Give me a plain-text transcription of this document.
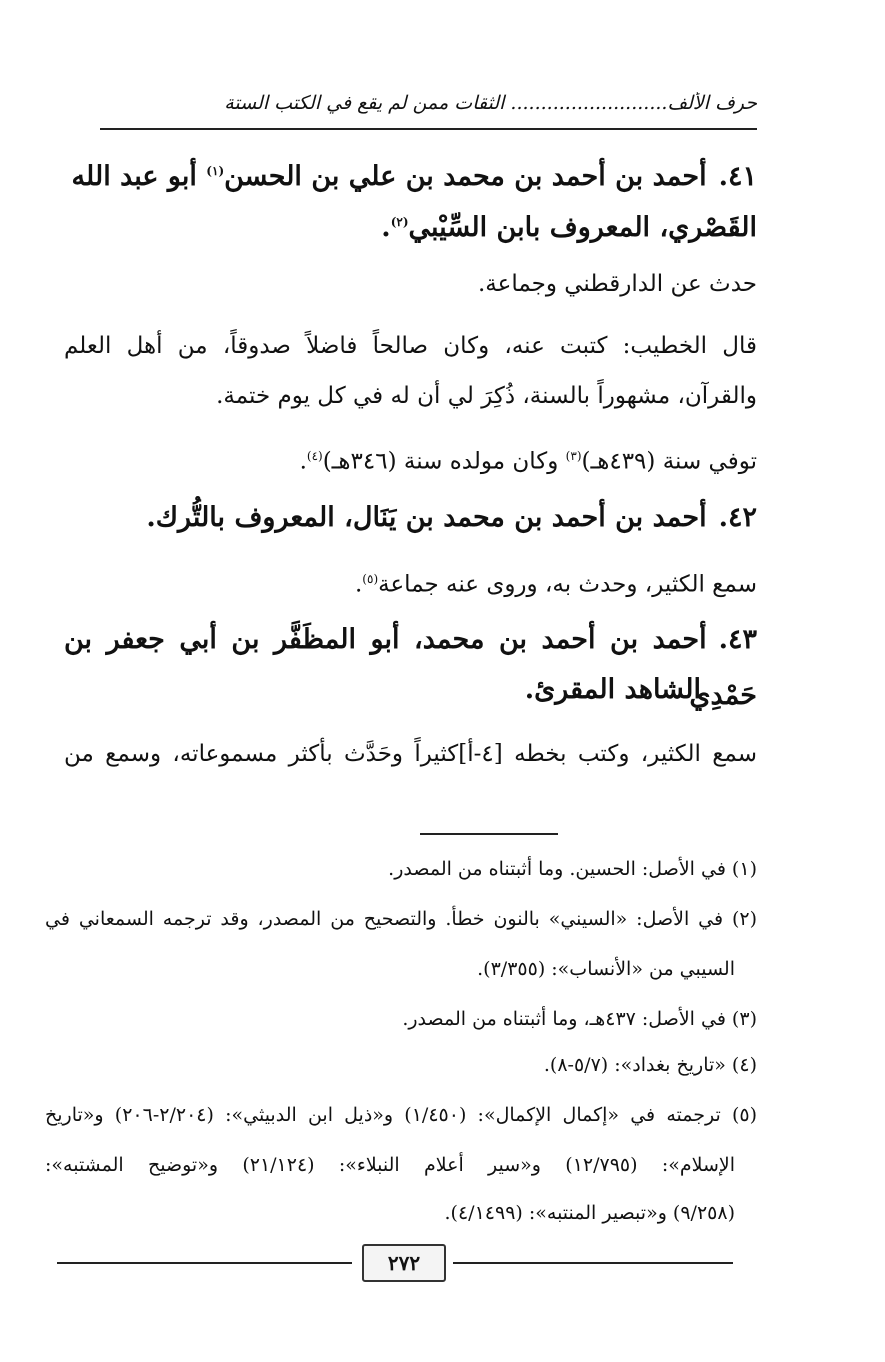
حرف الألف.......................... الثقات ممن لم يقع في الكتب الستة
٤١.أحمد بن أحمد بن محمد بن علي بن الحسن$^{(١)}$ أبو عبد الله
القَصْري، المعروف بابن السِّيْبي$^{(٢)}$.
حدث عن الدارقطني وجماعة.
قال الخطيب: كتبت عنه، وكان صالحاً فاضلاً صدوقاً، من أهل العلم
والقرآن، مشهوراً بالسنة، ذُكِرَ لي أن له في كل يوم ختمة.
توفي سنة (٤٣٩هـ)$^{(٣)}$ وكان مولده سنة (٣٤٦هـ)$^{(٤)}$.
٤٢.أحمد بن أحمد بن محمد بن يَنَال، المعروف بالتُّرك.
سمع الكثير، وحدث به، وروى عنه جماعة$^{(٥)}$.
٤٣.أحمد بن أحمد بن محمد، أبو المظَفَّر بن أبي جعفر بن حَمْدِي
الشاهد المقرئ.
سمع الكثير، وكتب بخطه [٤-أ]كثيراً وحَدَّث بأكثر مسموعاته، وسمع من
(١) في الأصل: الحسين. وما أثبتناه من المصدر.
(٢) في الأصل: «السيني» بالنون خطأ. والتصحيح من المصدر، وقد ترجمه السمعاني في
السيبي من «الأنساب»: (٣/٣٥٥).
(٣) في الأصل: ٤٣٧هـ، وما أثبتناه من المصدر.
(٤) «تاريخ بغداد»: (٥/٧-٨).
(٥) ترجمته في «إكمال الإكمال»: (١/٤٥٠) و«ذيل ابن الدبيثي»: (٢/٢٠٤-٢٠٦) و«تاريخ
الإسلام»: (١٢/٧٩٥) و«سير أعلام النبلاء»: (٢١/١٢٤) و«توضيح المشتبه»:
(٩/٢٥٨) و«تبصير المنتبه»: (٤/١٤٩٩).
٢٧٢
